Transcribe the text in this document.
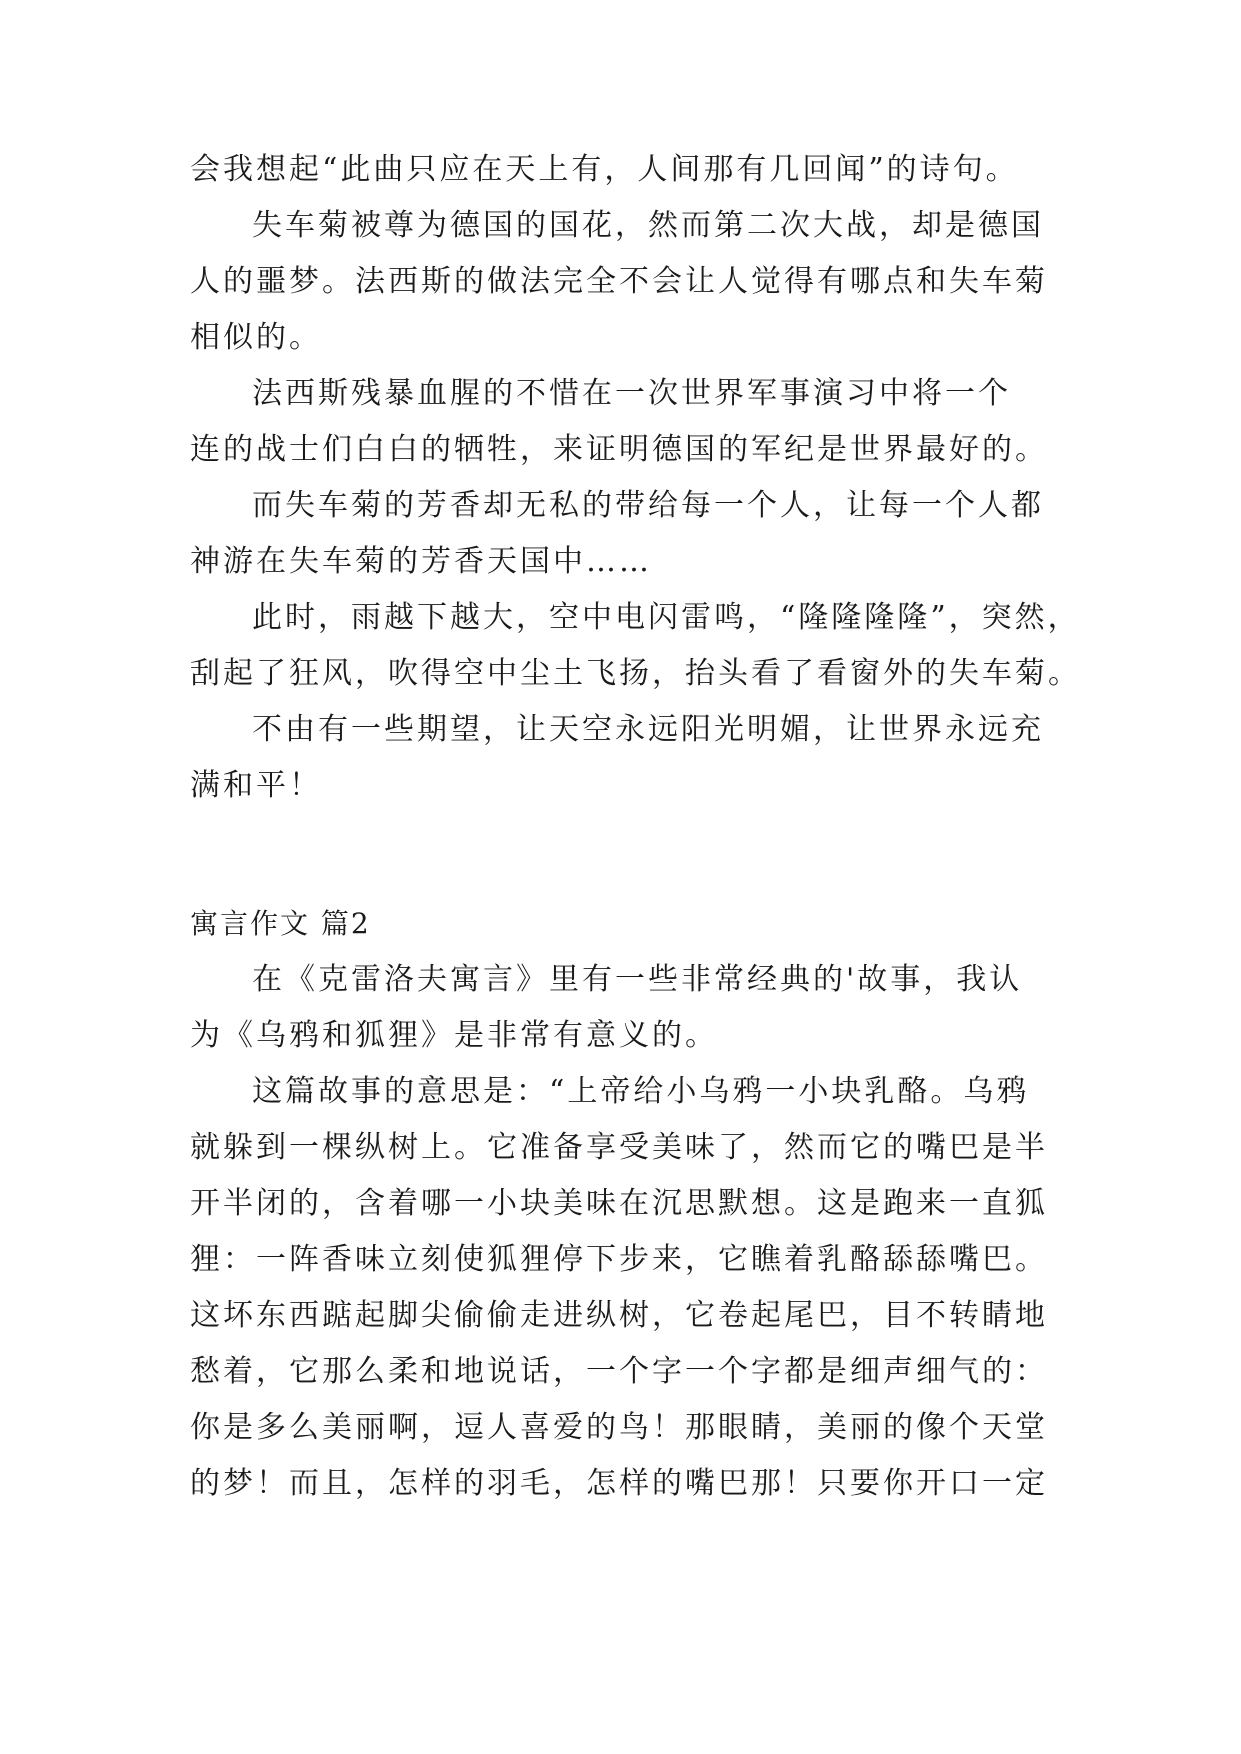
会我想起“此曲只应在天上有，人间那有几回闻”的诗句。
失车菊被尊为德国的国花，然而第二次大战，却是德国
人的噩梦。法西斯的做法完全不会让人觉得有哪点和失车菊
相似的。
法西斯残暴血腥的不惜在一次世界军事演习中将一个
连的战士们白白的牺牲，来证明德国的军纪是世界最好的。
而失车菊的芳香却无私的带给每一个人，让每一个人都
神游在失车菊的芳香天国中……
此时，雨越下越大，空中电闪雷鸣，“隆隆隆隆”，突然，
刮起了狂风，吹得空中尘土飞扬，抬头看了看窗外的失车菊。
不由有一些期望，让天空永远阳光明媚，让世界永远充
满和平！
寓言作文 篇2
在《克雷洛夫寓言》里有一些非常经典的'故事，我认
为《乌鸦和狐狸》是非常有意义的。
这篇故事的意思是：“上帝给小乌鸦一小块乳酪。乌鸦
就躲到一棵纵树上。它准备享受美味了，然而它的嘴巴是半
开半闭的，含着哪一小块美味在沉思默想。这是跑来一直狐
狸：一阵香味立刻使狐狸停下步来，它瞧着乳酪舔舔嘴巴。
这坏东西踮起脚尖偷偷走进纵树，它卷起尾巴，目不转睛地
愁着，它那么柔和地说话，一个字一个字都是细声细气的：
你是多么美丽啊，逗人喜爱的鸟！那眼睛，美丽的像个天堂
的梦！而且，怎样的羽毛，怎样的嘴巴那！只要你开口一定
